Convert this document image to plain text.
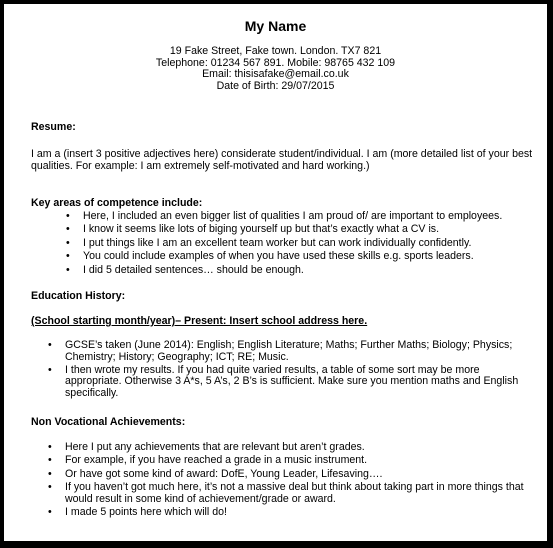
My Name
19 Fake Street, Fake town. London. TX7 821
Telephone: 01234 567 891. Mobile: 98765 432 109
Email: thisisafake@email.co.uk
Date of Birth: 29/07/2015
Resume:
I am a (insert 3 positive adjectives here) considerate student/individual. I am (more detailed list of your best qualities. For example: I am extremely self-motivated and hard working.)
Key areas of competence include:
• Here, I included an even bigger list of qualities I am proud of/ are important to employees.
• I know it seems like lots of biging yourself up but that’s exactly what a CV is.
• I put things like I am an excellent team worker but can work individually confidently.
• You could include examples of when you have used these skills e.g. sports leaders.
• I did 5 detailed sentences… should be enough.
Education History:
(School starting month/year)– Present: Insert school address here.
• GCSE’s taken (June 2014): English; English Literature; Maths; Further Maths; Biology; Physics; Chemistry; History; Geography; ICT; RE; Music.
• I then wrote my results. If you had quite varied results, a table of some sort may be more appropriate. Otherwise 3 A*s, 5 A’s, 2 B’s is sufficient. Make sure you mention maths and English specifically.
Non Vocational Achievements:
• Here I put any achievements that are relevant but aren’t grades.
• For example, if you have reached a grade in a music instrument.
• Or have got some kind of award: DofE, Young Leader, Lifesaving….
• If you haven’t got much here, it’s not a massive deal but think about taking part in more things that would result in some kind of achievement/grade or award.
• I made 5 points here which will do!
